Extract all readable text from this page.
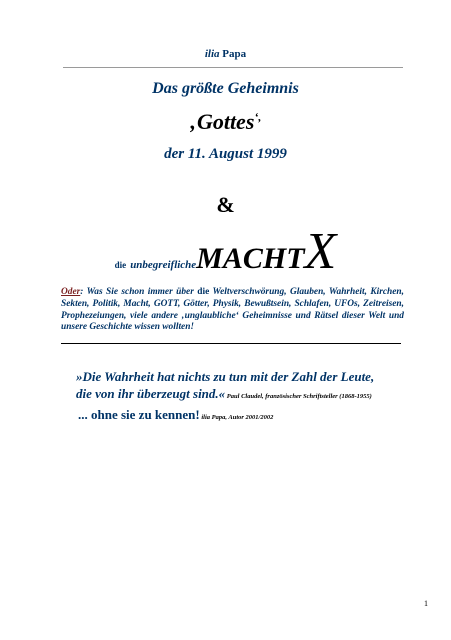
ilia Papa
Das größte Geheimnis
‚Gottes‘,
der 11. August 1999
&
die unbegreiflicheMACHTX
Oder: Was Sie schon immer über die Weltverschwörung, Glauben, Wahrheit, Kirchen, Sekten, Politik, Macht, GOTT, Götter, Physik, Bewußtsein, Schlafen, UFOs, Zeitreisen, Prophezeiungen, viele andere ‚unglaubliche‘ Geheimnisse und Rätsel dieser Welt und unsere Geschichte wissen wollten!
»Die Wahrheit hat nichts zu tun mit der Zahl der Leute,
die von ihr überzeugt sind.« Paul Claudel, französischer Schriftsteller (1868-1955)
... ohne sie zu kennen! ilia Papa, Autor 2001/2002
1
